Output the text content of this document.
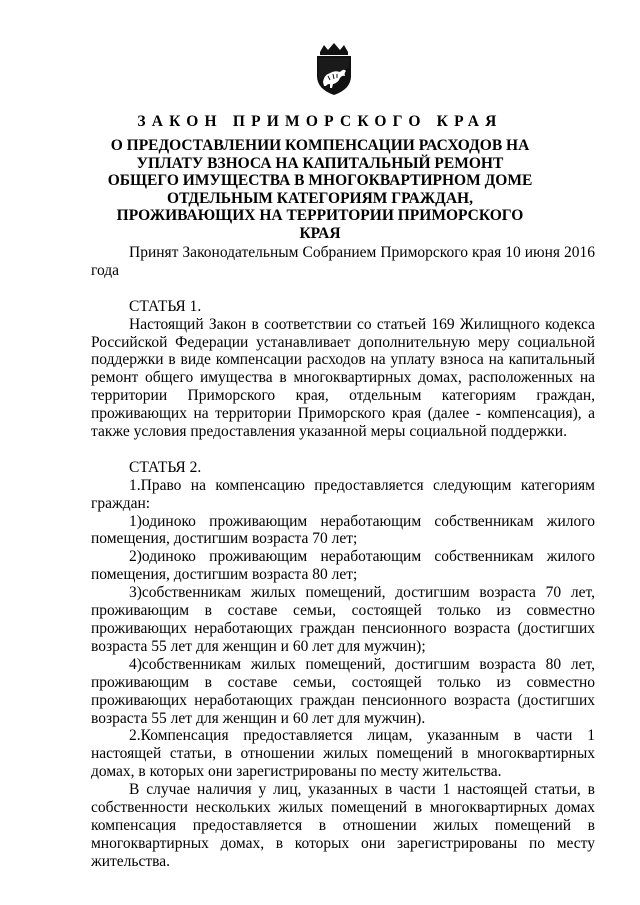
ЗАКОН ПРИМОРСКОГО КРАЯ
О ПРЕДОСТАВЛЕНИИ КОМПЕНСАЦИИ РАСХОДОВ НА УПЛАТУ ВЗНОСА НА КАПИТАЛЬНЫЙ РЕМОНТ ОБЩЕГО ИМУЩЕСТВА В МНОГОКВАРТИРНОМ ДОМЕ ОТДЕЛЬНЫМ КАТЕГОРИЯМ ГРАЖДАН, ПРОЖИВАЮЩИХ НА ТЕРРИТОРИИ ПРИМОРСКОГО КРАЯ

Принят Законодательным Собранием Приморского края 10 июня 2016 года

СТАТЬЯ 1.

Настоящий Закон в соответствии со статьей 169 Жилищного кодекса Российской Федерации устанавливает дополнительную меру социальной поддержки в виде компенсации расходов на уплату взноса на капитальный ремонт общего имущества в многоквартирных домах, расположенных на территории Приморского края, отдельным категориям граждан, проживающих на территории Приморского края (далее - компенсация), а также условия предоставления указанной меры социальной поддержки.

СТАТЬЯ 2.

1.Право на компенсацию предоставляется следующим категориям граждан:

1)одиноко проживающим неработающим собственникам жилого помещения, достигшим возраста 70 лет;

2)одиноко проживающим неработающим собственникам жилого помещения, достигшим возраста 80 лет;

3)собственникам жилых помещений, достигшим возраста 70 лет, проживающим в составе семьи, состоящей только из совместно проживающих неработающих граждан пенсионного возраста (достигших возраста 55 лет для женщин и 60 лет для мужчин);

4)собственникам жилых помещений, достигшим возраста 80 лет, проживающим в составе семьи, состоящей только из совместно проживающих неработающих граждан пенсионного возраста (достигших возраста 55 лет для женщин и 60 лет для мужчин).

2.Компенсация предоставляется лицам, указанным в части 1 настоящей статьи, в отношении жилых помещений в многоквартирных домах, в которых они зарегистрированы по месту жительства.

В случае наличия у лиц, указанных в части 1 настоящей статьи, в собственности нескольких жилых помещений в многоквартирных домах компенсация предоставляется в отношении жилых помещений в многоквартирных домах, в которых они зарегистрированы по месту жительства.
